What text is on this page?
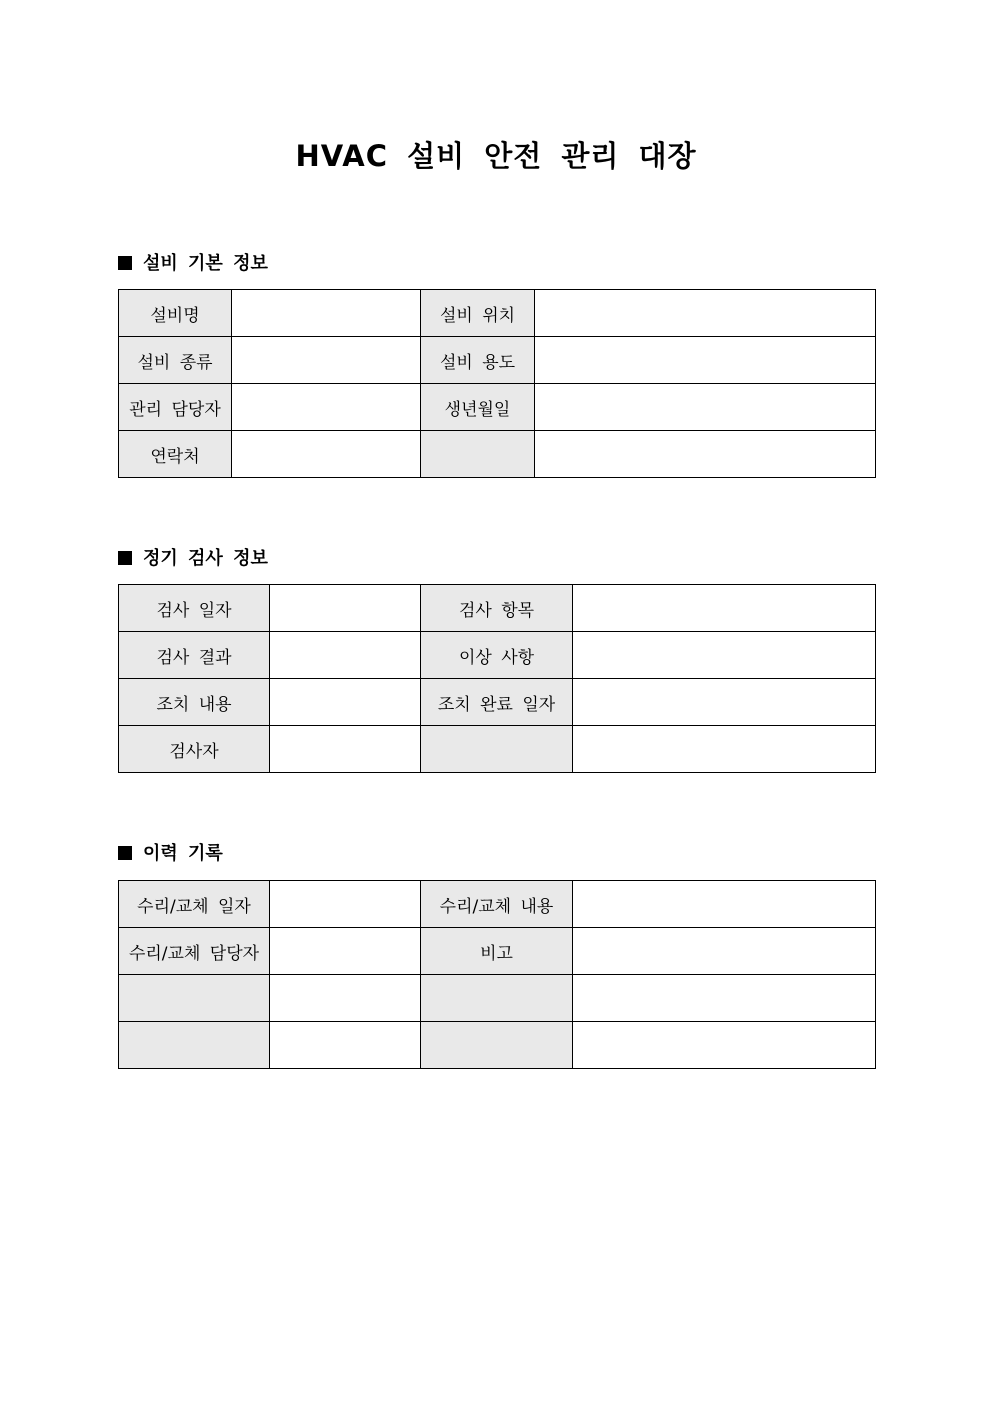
HVAC 설비 안전 관리 대장
설비 기본 정보
설비명		설비 위치	
설비 종류		설비 용도	
관리 담당자		생년월일	
연락처			
정기 검사 정보
검사 일자		검사 항목	
검사 결과		이상 사항	
조치 내용		조치 완료 일자	
검사자			
이력 기록
수리/교체 일자		수리/교체 내용	
수리/교체 담당자		비고	
